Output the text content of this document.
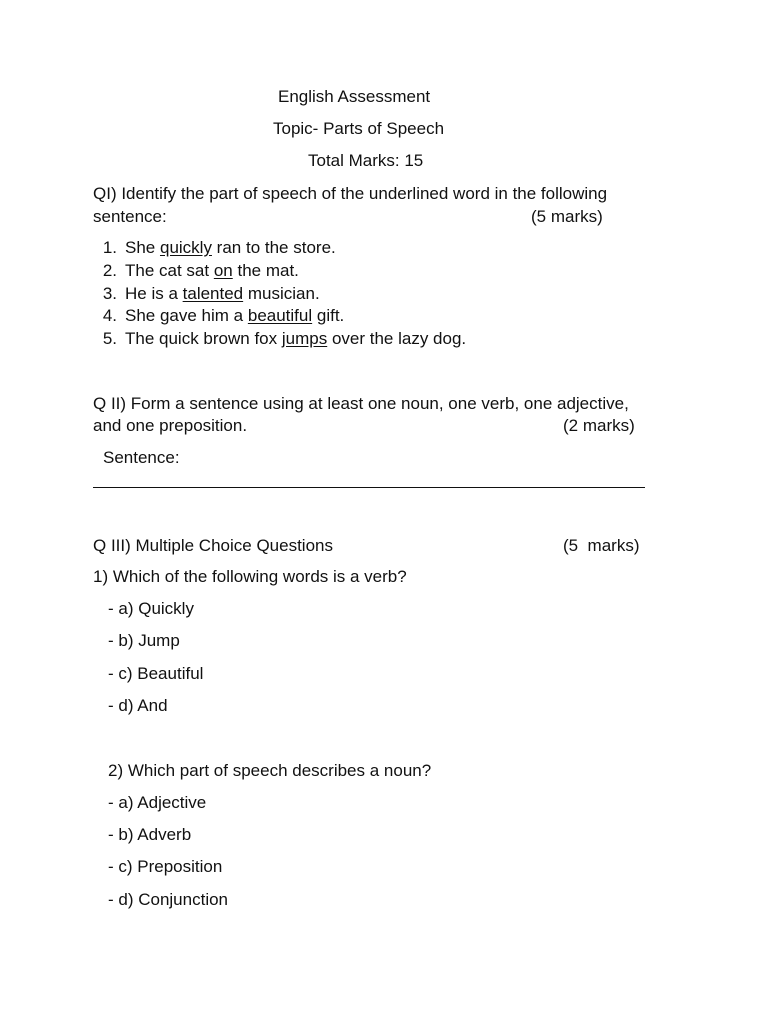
English Assessment
Topic- Parts of Speech
Total Marks: 15
QI) Identify the part of speech of the underlined word in the following
sentence:	(5 marks)
1. She quickly ran to the store.
2. The cat sat on the mat.
3. He is a talented musician.
4. She gave him a beautiful gift.
5. The quick brown fox jumps over the lazy dog.
Q II) Form a sentence using at least one noun, one verb, one adjective,
and one preposition.	(2 marks)
Sentence:
Q III) Multiple Choice Questions	(5  marks)
1) Which of the following words is a verb?
- a) Quickly
- b) Jump
- c) Beautiful
- d) And
2) Which part of speech describes a noun?
- a) Adjective
- b) Adverb
- c) Preposition
- d) Conjunction
